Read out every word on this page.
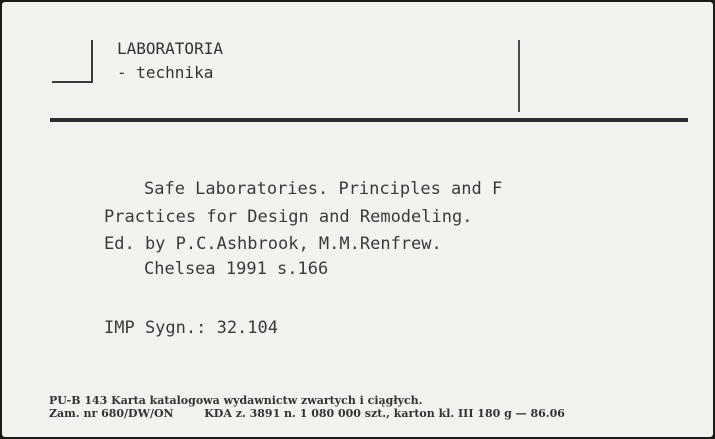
LABORATORIA
- technika
Safe Laboratories. Principles and F
Practices for Design and Remodeling.
Ed. by P.C.Ashbrook, M.M.Renfrew.
Chelsea 1991 s.166
IMP Sygn.: 32.104
PU-B 143 Karta katalogowa wydawnictw zwartych i ciągłych.
Zam. nr 680/DW/ON        KDA z. 3891 n. 1 080 000 szt., karton kl. III 180 g — 86.06
